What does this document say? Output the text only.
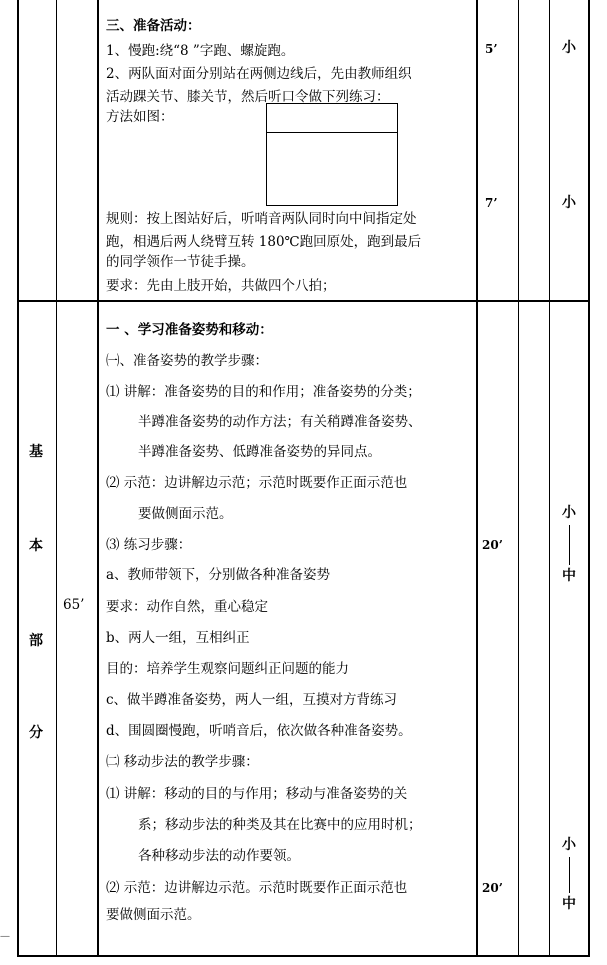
三、准备活动：
1、慢跑:绕“8 ”字跑、螺旋跑。
2、两队面对面分别站在两侧边线后，先由教师组织
活动踝关节、膝关节，然后听口令做下列练习：
方法如图：
规则：按上图站好后，听哨音两队同时向中间指定处
跑，相遇后两人绕臂互转 180℃跑回原处，跑到最后
的同学领作一节徒手操。
要求：先由上肢开始，共做四个八拍；
5’
7’
小
小
基
本
部
分
65’
一 、学习准备姿势和移动：
㈠、准备姿势的教学步骤：
⑴ 讲解：准备姿势的目的和作用；准备姿势的分类；
半蹲准备姿势的动作方法；有关稍蹲准备姿势、
半蹲准备姿势、低蹲准备姿势的异同点。
⑵ 示范：边讲解边示范；示范时既要作正面示范也
要做侧面示范。
⑶ 练习步骤：
a、教师带领下，分别做各种准备姿势
要求：动作自然，重心稳定
b、两人一组，互相纠正
目的：培养学生观察问题纠正问题的能力
c、做半蹲准备姿势，两人一组，互摸对方背练习
d、围圆圈慢跑，听哨音后，依次做各种准备姿势。
㈡ 移动步法的教学步骤：
⑴ 讲解：移动的目的与作用；移动与准备姿势的关
系；移动步法的种类及其在比赛中的应用时机；
各种移动步法的动作要领。
⑵ 示范：边讲解边示范。示范时既要作正面示范也
要做侧面示范。
20’
20’
小
中
小
中
—
